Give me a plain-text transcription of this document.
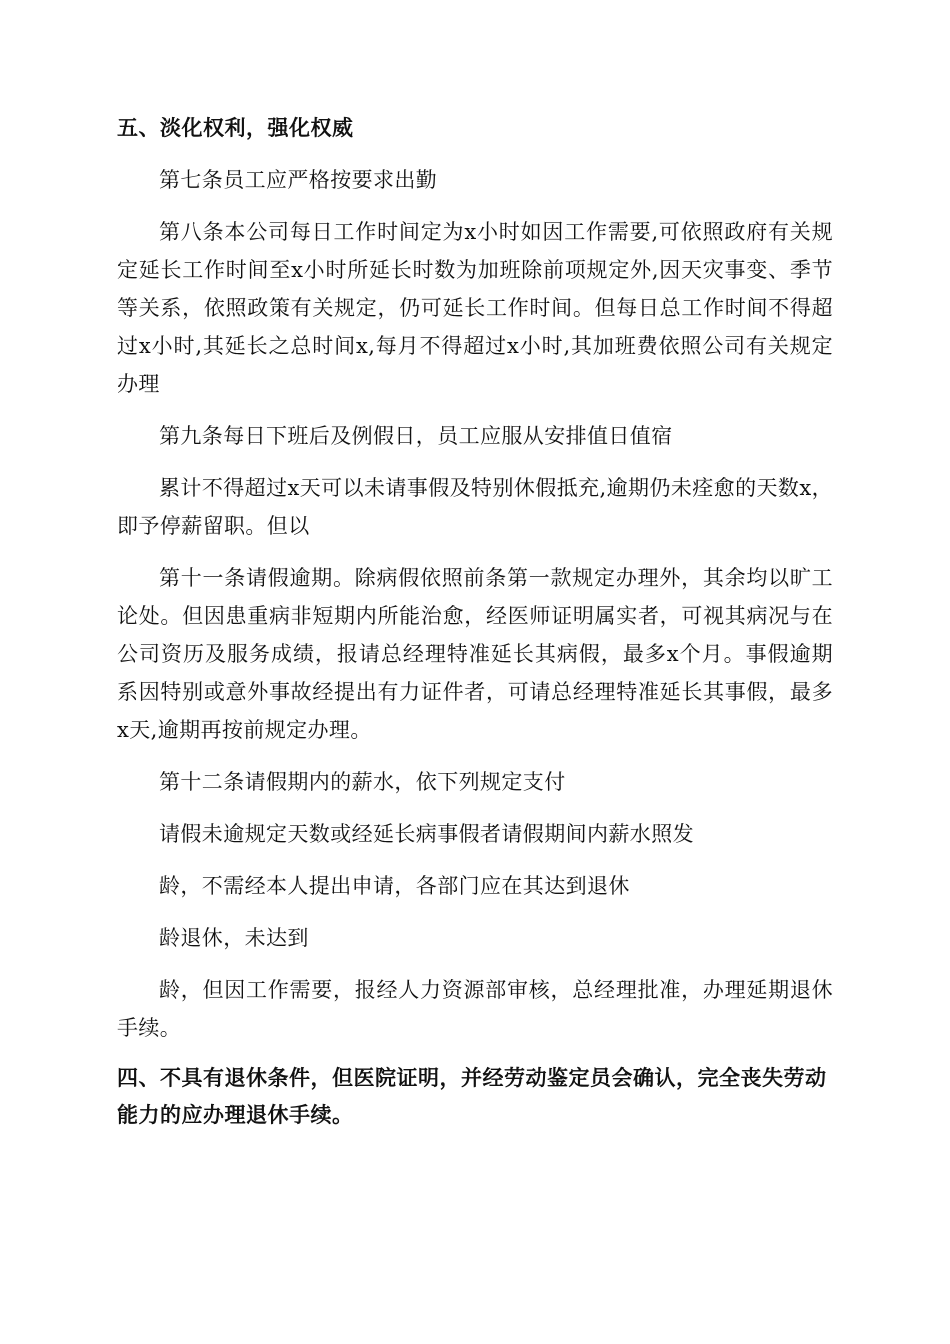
五、淡化权利，强化权威

第七条员工应严格按要求出勤

第八条本公司每日工作时间定为x小时如因工作需要,可依照政府有关规定延长工作时间至x小时所延长时数为加班除前项规定外,因天灾事变、季节等关系，依照政策有关规定，仍可延长工作时间。但每日总工作时间不得超过x小时,其延长之总时间x,每月不得超过x小时,其加班费依照公司有关规定办理

第九条每日下班后及例假日，员工应服从安排值日值宿

累计不得超过x天可以未请事假及特别休假抵充,逾期仍未痊愈的天数x，即予停薪留职。但以

第十一条请假逾期。除病假依照前条第一款规定办理外，其余均以旷工论处。但因患重病非短期内所能治愈，经医师证明属实者，可视其病况与在公司资历及服务成绩，报请总经理特准延长其病假，最多x个月。事假逾期系因特别或意外事故经提出有力证件者，可请总经理特准延长其事假，最多x天,逾期再按前规定办理。

第十二条请假期内的薪水，依下列规定支付

请假未逾规定天数或经延长病事假者请假期间内薪水照发

龄，不需经本人提出申请，各部门应在其达到退休

龄退休，未达到

龄，但因工作需要，报经人力资源部审核，总经理批准，办理延期退休手续。

四、不具有退休条件，但医院证明，并经劳动鉴定员会确认，完全丧失劳动能力的应办理退休手续。
